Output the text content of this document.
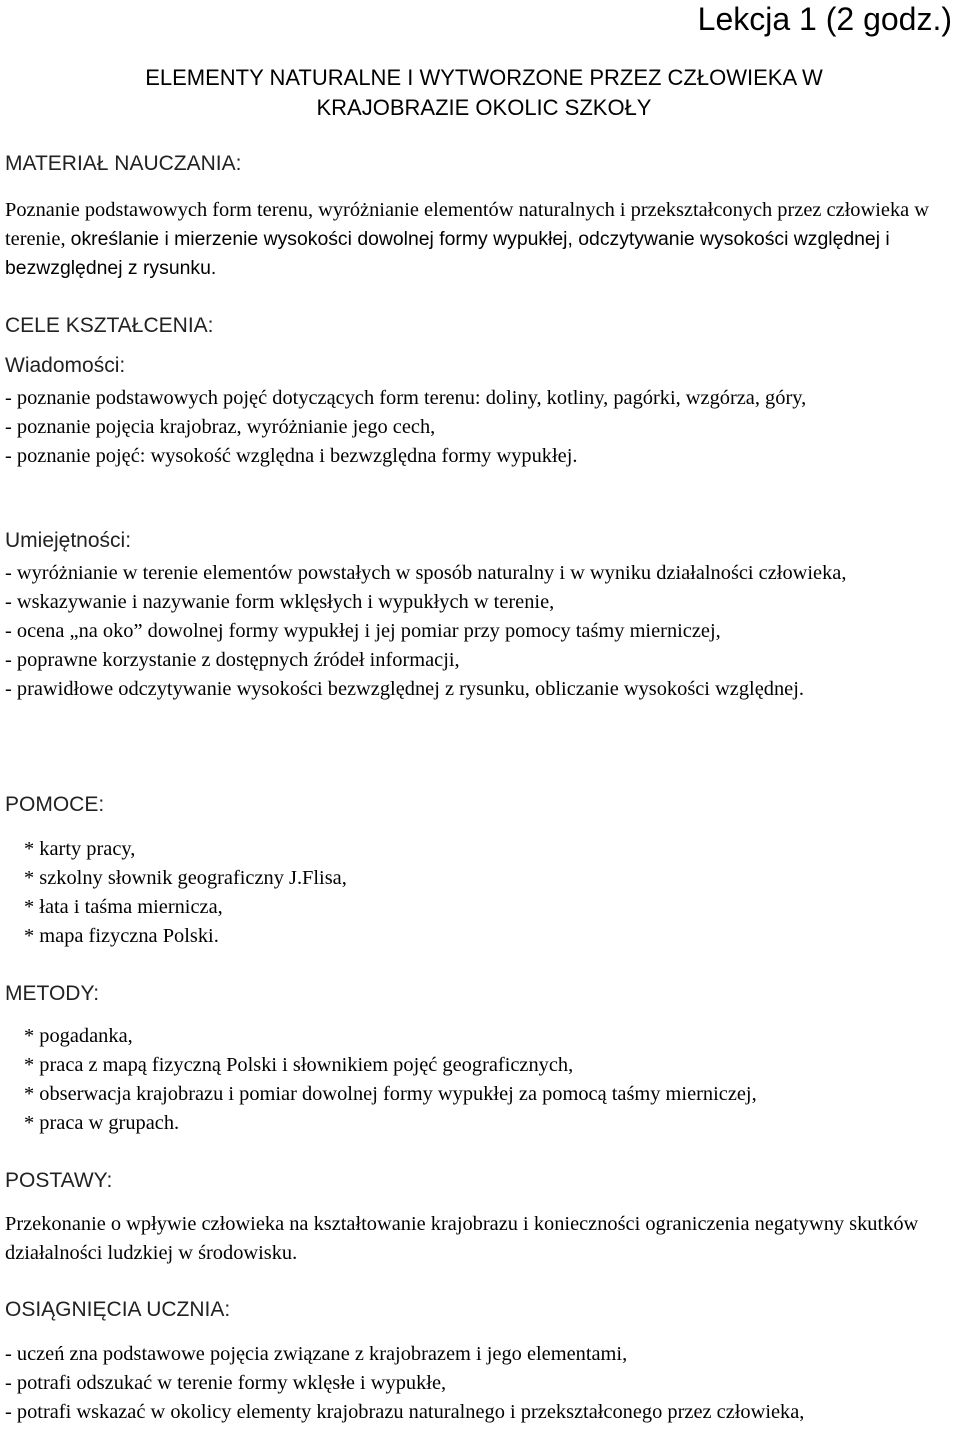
Lekcja 1 (2 godz.)
ELEMENTY NATURALNE I WYTWORZONE PRZEZ CZŁOWIEKA W
KRAJOBRAZIE OKOLIC SZKOŁY
MATERIAŁ NAUCZANIA:
Poznanie podstawowych form terenu, wyróżnianie elementów naturalnych i przekształconych przez człowieka w terenie, określanie i mierzenie wysokości dowolnej formy wypukłej, odczytywanie wysokości względnej i bezwzględnej z rysunku.
CELE KSZTAŁCENIA:
Wiadomości:
- poznanie podstawowych pojęć dotyczących form terenu: doliny, kotliny, pagórki, wzgórza, góry,
- poznanie pojęcia krajobraz, wyróżnianie jego cech,
- poznanie pojęć: wysokość względna i bezwzględna formy wypukłej.
Umiejętności:
- wyróżnianie w terenie elementów powstałych w sposób naturalny i w wyniku działalności człowieka,
- wskazywanie i nazywanie form wklęsłych i wypukłych w terenie,
- ocena „na oko” dowolnej formy wypukłej i jej pomiar przy pomocy taśmy mierniczej,
- poprawne korzystanie z dostępnych źródeł informacji,
- prawidłowe odczytywanie wysokości bezwzględnej z rysunku, obliczanie wysokości względnej.
POMOCE:
* karty pracy,
* szkolny słownik geograficzny J.Flisa,
* łata i taśma miernicza,
* mapa fizyczna Polski.
METODY:
* pogadanka,
* praca z mapą fizyczną Polski i słownikiem pojęć geograficznych,
* obserwacja krajobrazu i pomiar dowolnej formy wypukłej za pomocą taśmy mierniczej,
* praca w grupach.
POSTAWY:
Przekonanie o wpływie człowieka na kształtowanie krajobrazu i konieczności ograniczenia negatywny skutków działalności ludzkiej w środowisku.
OSIĄGNIĘCIA UCZNIA:
- uczeń zna podstawowe pojęcia związane z krajobrazem i jego elementami,
- potrafi odszukać w terenie formy wklęsłe i wypukłe,
- potrafi wskazać w okolicy elementy krajobrazu naturalnego i przekształconego przez człowieka,
